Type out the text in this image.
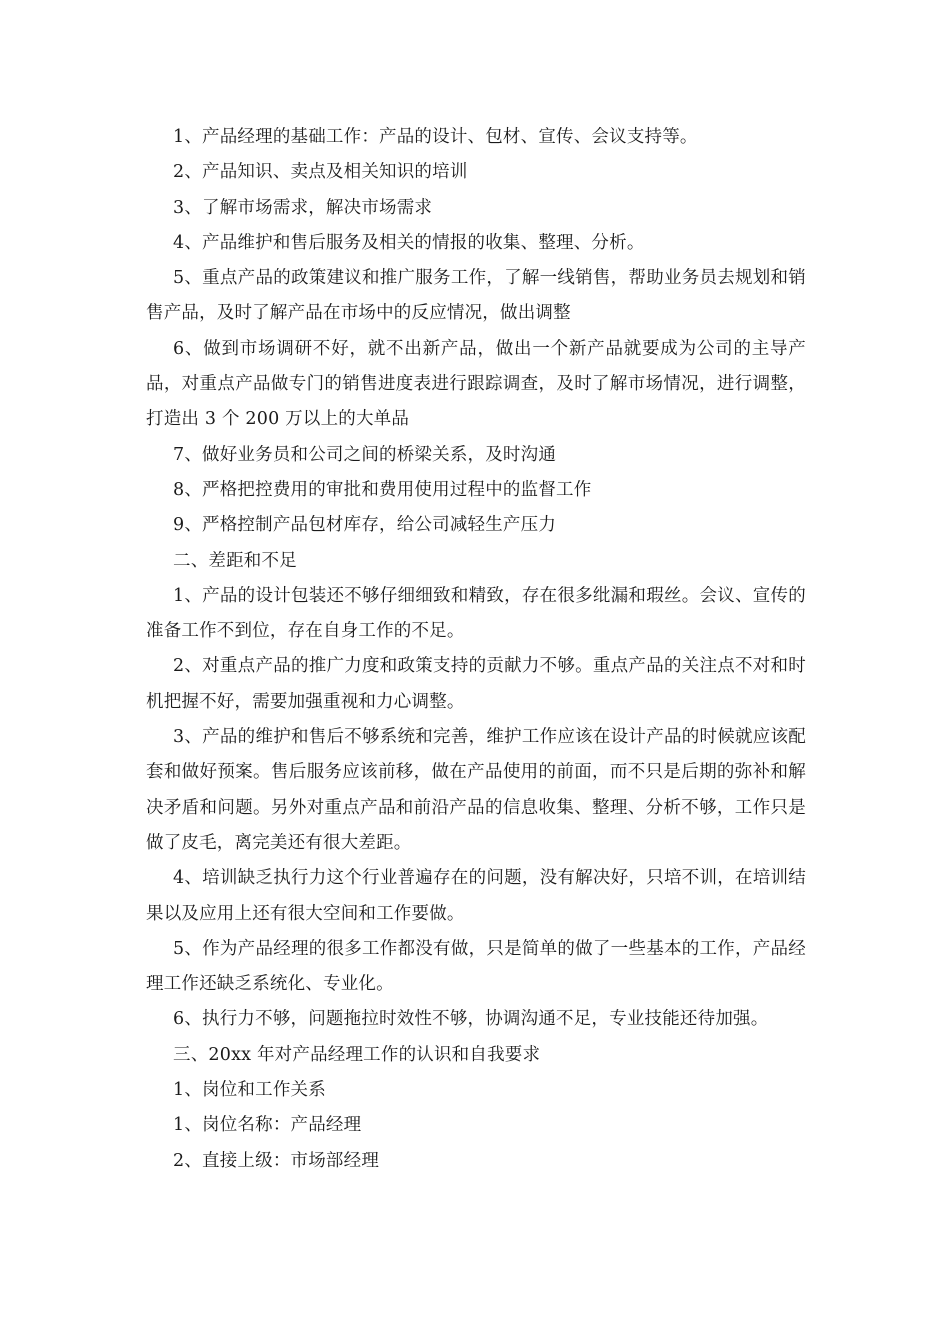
1、产品经理的基础工作：产品的设计、包材、宣传、会议支持等。

2、产品知识、卖点及相关知识的培训

3、了解市场需求，解决市场需求

4、产品维护和售后服务及相关的情报的收集、整理、分析。

5、重点产品的政策建议和推广服务工作，了解一线销售，帮助业务员去规划和销售产品，及时了解产品在市场中的反应情况，做出调整

6、做到市场调研不好，就不出新产品，做出一个新产品就要成为公司的主导产品，对重点产品做专门的销售进度表进行跟踪调查，及时了解市场情况，进行调整，打造出 3 个 200 万以上的大单品

7、做好业务员和公司之间的桥梁关系，及时沟通

8、严格把控费用的审批和费用使用过程中的监督工作

9、严格控制产品包材库存，给公司减轻生产压力

二、差距和不足

1、产品的设计包装还不够仔细细致和精致，存在很多纰漏和瑕丝。会议、宣传的准备工作不到位，存在自身工作的不足。

2、对重点产品的推广力度和政策支持的贡献力不够。重点产品的关注点不对和时机把握不好，需要加强重视和力心调整。

3、产品的维护和售后不够系统和完善，维护工作应该在设计产品的时候就应该配套和做好预案。售后服务应该前移，做在产品使用的前面，而不只是后期的弥补和解决矛盾和问题。另外对重点产品和前沿产品的信息收集、整理、分析不够，工作只是做了皮毛，离完美还有很大差距。

4、培训缺乏执行力这个行业普遍存在的问题，没有解决好，只培不训，在培训结果以及应用上还有很大空间和工作要做。

5、作为产品经理的很多工作都没有做，只是简单的做了一些基本的工作，产品经理工作还缺乏系统化、专业化。

6、执行力不够，问题拖拉时效性不够，协调沟通不足，专业技能还待加强。

三、20xx 年对产品经理工作的认识和自我要求

1、岗位和工作关系

1、岗位名称：产品经理

2、直接上级：市场部经理
